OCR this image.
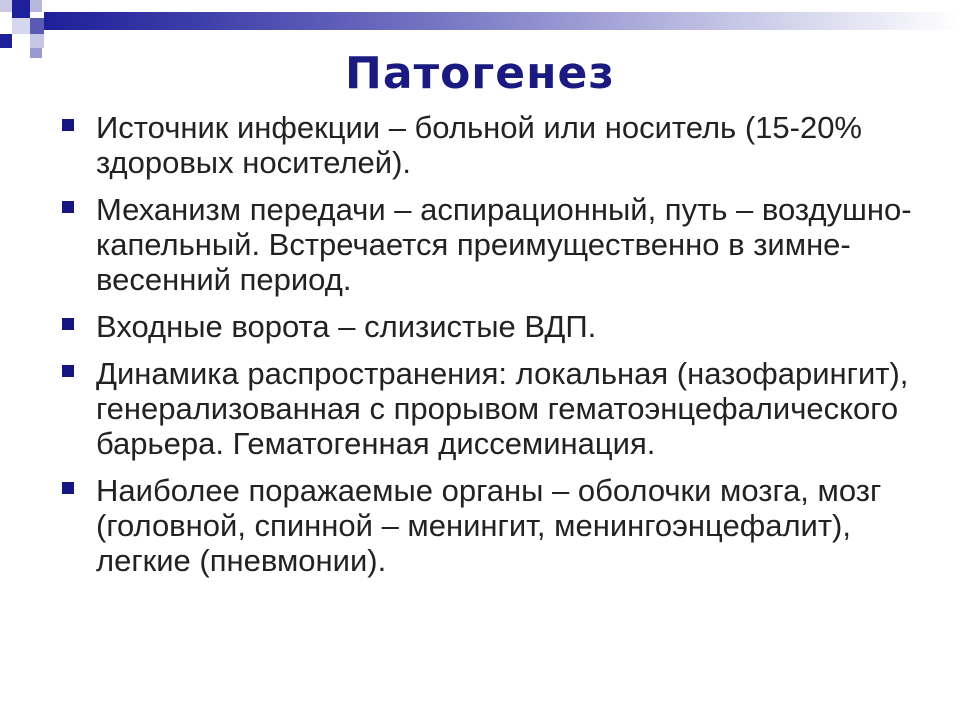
Патогенез
Источник инфекции – больной или носитель (15-20% здоровых носителей).
Механизм передачи – аспирационный, путь – воздушно-капельный. Встречается преимущественно в зимне-весенний период.
Входные ворота – слизистые ВДП.
Динамика распространения: локальная (назофарингит), генерализованная с прорывом гематоэнцефалического барьера. Гематогенная диссеминация.
Наиболее поражаемые органы – оболочки мозга, мозг (головной, спинной – менингит, менингоэнцефалит), легкие (пневмонии).
